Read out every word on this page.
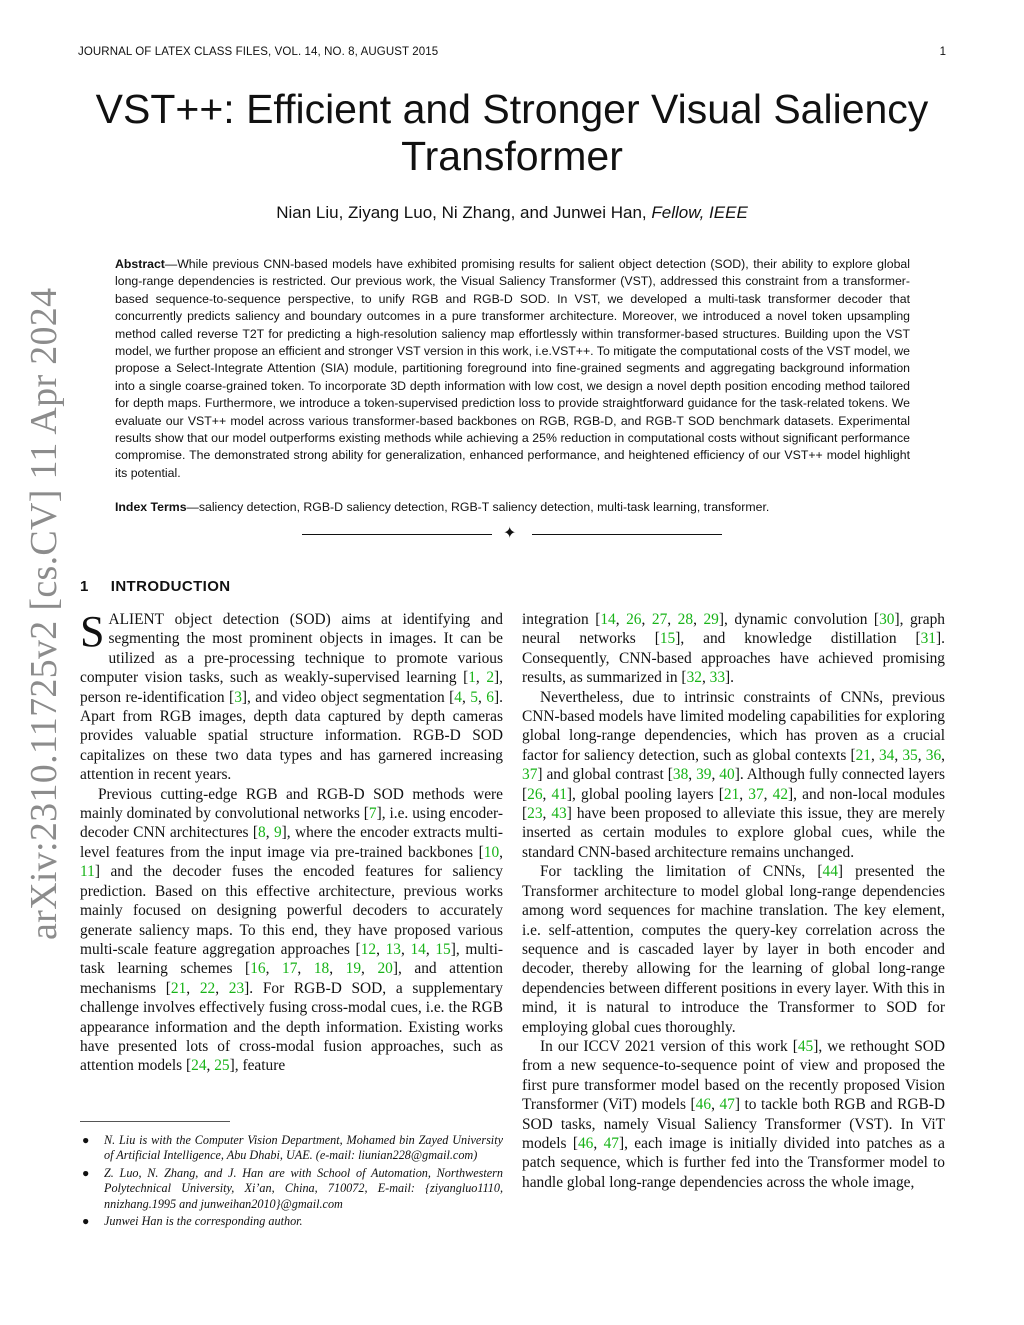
JOURNAL OF LATEX CLASS FILES, VOL. 14, NO. 8, AUGUST 2015	1
arXiv:2310.11725v2 [cs.CV] 11 Apr 2024
VST++: Efficient and Stronger Visual Saliency Transformer
Nian Liu, Ziyang Luo, Ni Zhang, and Junwei Han, Fellow, IEEE
Abstract—While previous CNN-based models have exhibited promising results for salient object detection (SOD), their ability to explore global long-range dependencies is restricted. Our previous work, the Visual Saliency Transformer (VST), addressed this constraint from a transformer-based sequence-to-sequence perspective, to unify RGB and RGB-D SOD. In VST, we developed a multi-task transformer decoder that concurrently predicts saliency and boundary outcomes in a pure transformer architecture. Moreover, we introduced a novel token upsampling method called reverse T2T for predicting a high-resolution saliency map effortlessly within transformer-based structures. Building upon the VST model, we further propose an efficient and stronger VST version in this work, i.e.VST++. To mitigate the computational costs of the VST model, we propose a Select-Integrate Attention (SIA) module, partitioning foreground into fine-grained segments and aggregating background information into a single coarse-grained token. To incorporate 3D depth information with low cost, we design a novel depth position encoding method tailored for depth maps. Furthermore, we introduce a token-supervised prediction loss to provide straightforward guidance for the task-related tokens. We evaluate our VST++ model across various transformer-based backbones on RGB, RGB-D, and RGB-T SOD benchmark datasets. Experimental results show that our model outperforms existing methods while achieving a 25% reduction in computational costs without significant performance compromise. The demonstrated strong ability for generalization, enhanced performance, and heightened efficiency of our VST++ model highlight its potential.
Index Terms—saliency detection, RGB-D saliency detection, RGB-T saliency detection, multi-task learning, transformer.
✦
1 INTRODUCTION

SALIENT object detection (SOD) aims at identifying and segmenting the most prominent objects in images. It can be utilized as a pre-processing technique to promote various computer vision tasks, such as weakly-supervised learning [1, 2], person re-identification [3], and video object segmentation [4, 5, 6]. Apart from RGB images, depth data captured by depth cameras provides valuable spatial structure information. RGB-D SOD capitalizes on these two data types and has garnered increasing attention in recent years.

Previous cutting-edge RGB and RGB-D SOD methods were mainly dominated by convolutional networks [7], i.e. using encoder-decoder CNN architectures [8, 9], where the encoder extracts multi-level features from the input image via pre-trained backbones [10, 11] and the decoder fuses the encoded features for saliency prediction. Based on this effective architecture, previous works mainly focused on designing powerful decoders to accurately generate saliency maps. To this end, they have proposed various multi-scale feature aggregation approaches [12, 13, 14, 15], multi-task learning schemes [16, 17, 18, 19, 20], and attention mechanisms [21, 22, 23]. For RGB-D SOD, a supplementary challenge involves effectively fusing cross-modal cues, i.e. the RGB appearance information and the depth information. Existing works have presented lots of cross-modal fusion approaches, such as attention models [24, 25], feature

integration [14, 26, 27, 28, 29], dynamic convolution [30], graph neural networks [15], and knowledge distillation [31]. Consequently, CNN-based approaches have achieved promising results, as summarized in [32, 33].

Nevertheless, due to intrinsic constraints of CNNs, previous CNN-based models have limited modeling capabilities for exploring global long-range dependencies, which has proven as a crucial factor for saliency detection, such as global contexts [21, 34, 35, 36, 37] and global contrast [38, 39, 40]. Although fully connected layers [26, 41], global pooling layers [21, 37, 42], and non-local modules [23, 43] have been proposed to alleviate this issue, they are merely inserted as certain modules to explore global cues, while the standard CNN-based architecture remains unchanged.

For tackling the limitation of CNNs, [44] presented the Transformer architecture to model global long-range dependencies among word sequences for machine translation. The key element, i.e. self-attention, computes the query-key correlation across the sequence and is cascaded layer by layer in both encoder and decoder, thereby allowing for the learning of global long-range dependencies between different positions in every layer. With this in mind, it is natural to introduce the Transformer to SOD for employing global cues thoroughly.

In our ICCV 2021 version of this work [45], we rethought SOD from a new sequence-to-sequence point of view and proposed the first pure transformer model based on the recently proposed Vision Transformer (ViT) models [46, 47] to tackle both RGB and RGB-D SOD tasks, namely Visual Saliency Transformer (VST). In ViT models [46, 47], each image is initially divided into patches as a patch sequence, which is further fed into the Transformer model to handle global long-range dependencies across the whole image,

● N. Liu is with the Computer Vision Department, Mohamed bin Zayed University of Artificial Intelligence, Abu Dhabi, UAE. (e-mail: liunian228@gmail.com)
● Z. Luo, N. Zhang, and J. Han are with School of Automation, Northwestern Polytechnical University, Xi’an, China, 710072, E-mail: {ziyangluo1110, nnizhang.1995 and junweihan2010}@gmail.com
● Junwei Han is the corresponding author.
